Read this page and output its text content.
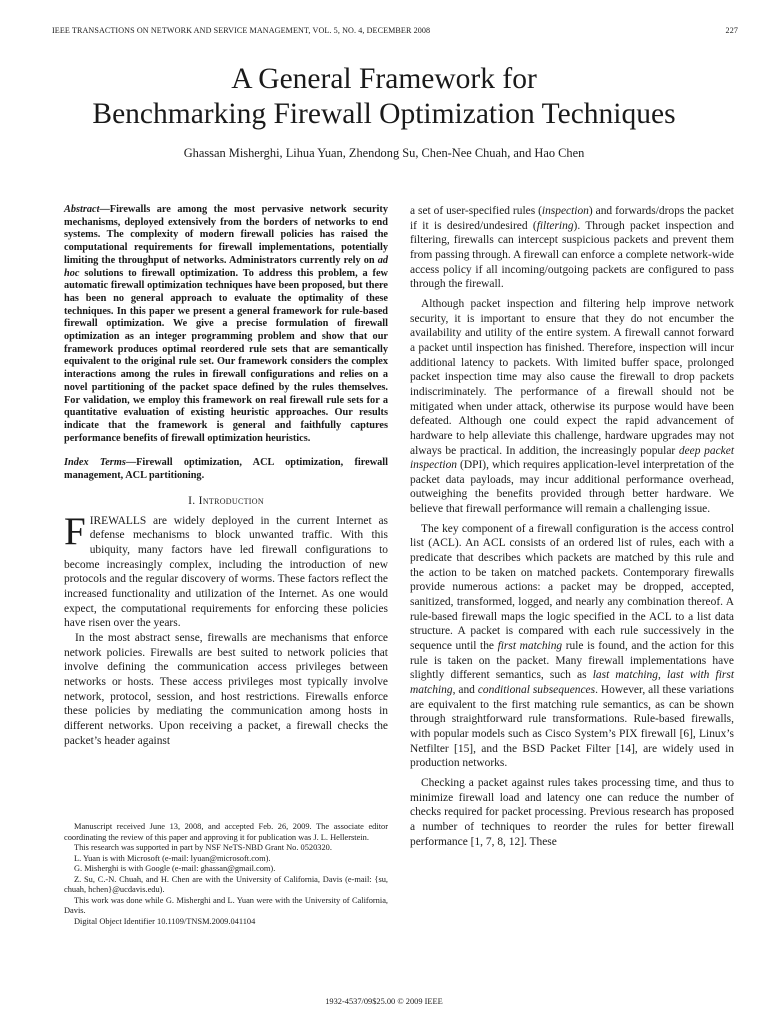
IEEE TRANSACTIONS ON NETWORK AND SERVICE MANAGEMENT, VOL. 5, NO. 4, DECEMBER 2008	227
A General Framework for
Benchmarking Firewall Optimization Techniques
Ghassan Misherghi, Lihua Yuan, Zhendong Su, Chen-Nee Chuah, and Hao Chen

Abstract—Firewalls are among the most pervasive network security mechanisms, deployed extensively from the borders of networks to end systems. The complexity of modern firewall policies has raised the computational requirements for firewall implementations, potentially limiting the throughput of networks. Administrators currently rely on ad hoc solutions to firewall optimization. To address this problem, a few automatic firewall optimization techniques have been proposed, but there has been no general approach to evaluate the optimality of these techniques. In this paper we present a general framework for rule-based firewall optimization. We give a precise formulation of firewall optimization as an integer programming problem and show that our framework produces optimal reordered rule sets that are semantically equivalent to the original rule set. Our framework considers the complex interactions among the rules in firewall configurations and relies on a novel partitioning of the packet space defined by the rules themselves. For validation, we employ this framework on real firewall rule sets for a quantitative evaluation of existing heuristic approaches. Our results indicate that the framework is general and faithfully captures performance benefits of firewall optimization heuristics.

Index Terms—Firewall optimization, ACL optimization, firewall management, ACL partitioning.

I. Introduction

FIREWALLS are widely deployed in the current Internet as defense mechanisms to block unwanted traffic. With this ubiquity, many factors have led firewall configurations to become increasingly complex, including the introduction of new protocols and the regular discovery of worms. These factors reflect the increased functionality and utilization of the Internet. As one would expect, the computational requirements for enforcing these policies have risen over the years.

In the most abstract sense, firewalls are mechanisms that enforce network policies. Firewalls are best suited to network policies that involve defining the communication access privileges between networks or hosts. These access privileges most typically involve network, protocol, session, and host restrictions. Firewalls enforce these policies by mediating the communication among hosts in different networks. Upon receiving a packet, a firewall checks the packet’s header against

Manuscript received June 13, 2008, and accepted Feb. 26, 2009. The associate editor coordinating the review of this paper and approving it for publication was J. L. Hellerstein.

This research was supported in part by NSF NeTS-NBD Grant No. 0520320.

L. Yuan is with Microsoft (e-mail: lyuan@microsoft.com).

G. Misherghi is with Google (e-mail: ghassan@gmail.com).

Z. Su, C.-N. Chuah, and H. Chen are with the University of California, Davis (e-mail: {su, chuah, hchen}@ucdavis.edu).

This work was done while G. Misherghi and L. Yuan were with the University of California, Davis.

Digital Object Identifier 10.1109/TNSM.2009.041104

a set of user-specified rules (inspection) and forwards/drops the packet if it is desired/undesired (filtering). Through packet inspection and filtering, firewalls can intercept suspicious packets and prevent them from passing through. A firewall can enforce a complete network-wide access policy if all incoming/outgoing packets are configured to pass through the firewall.

Although packet inspection and filtering help improve network security, it is important to ensure that they do not encumber the availability and utility of the entire system. A firewall cannot forward a packet until inspection has finished. Therefore, inspection will incur additional latency to packets. With limited buffer space, prolonged packet inspection time may also cause the firewall to drop packets indiscriminately. The performance of a firewall should not be mitigated when under attack, otherwise its purpose would have been defeated. Although one could expect the rapid advancement of hardware to help alleviate this challenge, hardware upgrades may not always be practical. In addition, the increasingly popular deep packet inspection (DPI), which requires application-level interpretation of the packet data payloads, may incur additional performance overhead, outweighing the benefits provided through better hardware. We believe that firewall performance will remain a challenging issue.

The key component of a firewall configuration is the access control list (ACL). An ACL consists of an ordered list of rules, each with a predicate that describes which packets are matched by this rule and the action to be taken on matched packets. Contemporary firewalls provide numerous actions: a packet may be dropped, accepted, sanitized, transformed, logged, and nearly any combination thereof. A rule-based firewall maps the logic specified in the ACL to a list data structure. A packet is compared with each rule successively in the sequence until the first matching rule is found, and the action for this rule is taken on the packet. Many firewall implementations have slightly different semantics, such as last matching, last with first matching, and conditional subsequences. However, all these variations are equivalent to the first matching rule semantics, as can be shown through straightforward rule transformations. Rule-based firewalls, with popular models such as Cisco System’s PIX firewall [6], Linux’s Netfilter [15], and the BSD Packet Filter [14], are widely used in production networks.

Checking a packet against rules takes processing time, and thus to minimize firewall load and latency one can reduce the number of checks required for packet processing. Previous research has proposed a number of techniques to reorder the rules for better firewall performance [1, 7, 8, 12]. These

1932-4537/09$25.00 © 2009 IEEE
